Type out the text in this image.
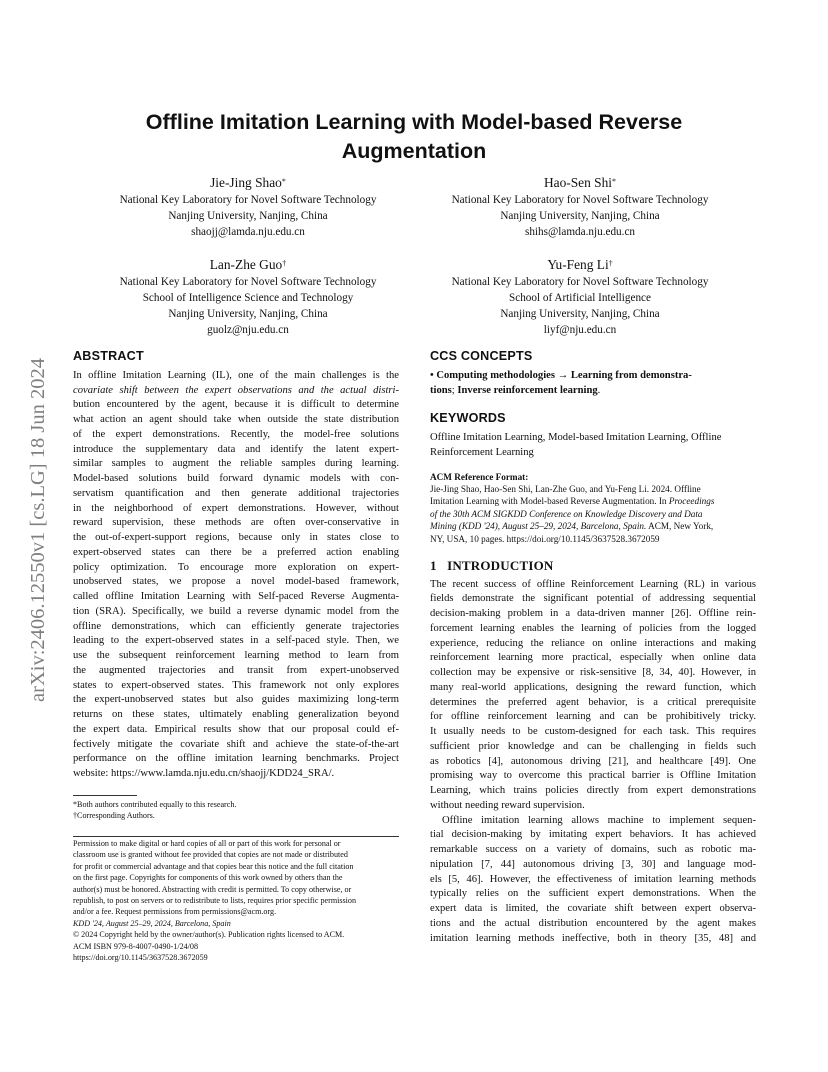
Offline Imitation Learning with Model-based Reverse
Augmentation
arXiv:2406.12550v1 [cs.LG] 18 Jun 2024
Jie-Jing Shao*
National Key Laboratory for Novel Software Technology
Nanjing University, Nanjing, China
shaojj@lamda.nju.edu.cn
Hao-Sen Shi*
National Key Laboratory for Novel Software Technology
Nanjing University, Nanjing, China
shihs@lamda.nju.edu.cn
Lan-Zhe Guo†
National Key Laboratory for Novel Software Technology
School of Intelligence Science and Technology
Nanjing University, Nanjing, China
guolz@nju.edu.cn
Yu-Feng Li†
National Key Laboratory for Novel Software Technology
School of Artificial Intelligence
Nanjing University, Nanjing, China
liyf@nju.edu.cn
ABSTRACT
In offline Imitation Learning (IL), one of the main challenges is the
covariate shift between the expert observations and the actual distri-
bution encountered by the agent, because it is difficult to determine
what action an agent should take when outside the state distribution
of the expert demonstrations. Recently, the model-free solutions
introduce the supplementary data and identify the latent expert-
similar samples to augment the reliable samples during learning.
Model-based solutions build forward dynamic models with con-
servatism quantification and then generate additional trajectories
in the neighborhood of expert demonstrations. However, without
reward supervision, these methods are often over-conservative in
the out-of-expert-support regions, because only in states close to
expert-observed states can there be a preferred action enabling
policy optimization. To encourage more exploration on expert-
unobserved states, we propose a novel model-based framework,
called offline Imitation Learning with Self-paced Reverse Augmenta-
tion (SRA). Specifically, we build a reverse dynamic model from the
offline demonstrations, which can efficiently generate trajectories
leading to the expert-observed states in a self-paced style. Then, we
use the subsequent reinforcement learning method to learn from
the augmented trajectories and transit from expert-unobserved
states to expert-observed states. This framework not only explores
the expert-unobserved states but also guides maximizing long-term
returns on these states, ultimately enabling generalization beyond
the expert data. Empirical results show that our proposal could ef-
fectively mitigate the covariate shift and achieve the state-of-the-art
performance on the offline imitation learning benchmarks. Project
website: https://www.lamda.nju.edu.cn/shaojj/KDD24_SRA/.
*Both authors contributed equally to this research.
†Corresponding Authors.
Permission to make digital or hard copies of all or part of this work for personal or
classroom use is granted without fee provided that copies are not made or distributed
for profit or commercial advantage and that copies bear this notice and the full citation
on the first page. Copyrights for components of this work owned by others than the
author(s) must be honored. Abstracting with credit is permitted. To copy otherwise, or
republish, to post on servers or to redistribute to lists, requires prior specific permission
and/or a fee. Request permissions from permissions@acm.org.
KDD '24, August 25–29, 2024, Barcelona, Spain
© 2024 Copyright held by the owner/author(s). Publication rights licensed to ACM.
ACM ISBN 979-8-4007-0490-1/24/08
https://doi.org/10.1145/3637528.3672059
CCS CONCEPTS
• Computing methodologies → Learning from demonstra-
tions; Inverse reinforcement learning.
KEYWORDS
Offline Imitation Learning, Model-based Imitation Learning, Offline
Reinforcement Learning
ACM Reference Format:
Jie-Jing Shao, Hao-Sen Shi, Lan-Zhe Guo, and Yu-Feng Li. 2024. Offline
Imitation Learning with Model-based Reverse Augmentation. In Proceedings
of the 30th ACM SIGKDD Conference on Knowledge Discovery and Data
Mining (KDD '24), August 25–29, 2024, Barcelona, Spain. ACM, New York,
NY, USA, 10 pages. https://doi.org/10.1145/3637528.3672059
1 INTRODUCTION
The recent success of offline Reinforcement Learning (RL) in various
fields demonstrate the significant potential of addressing sequential
decision-making problem in a data-driven manner [26]. Offline rein-
forcement learning enables the learning of policies from the logged
experience, reducing the reliance on online interactions and making
reinforcement learning more practical, especially when online data
collection may be expensive or risk-sensitive [8, 34, 40]. However, in
many real-world applications, designing the reward function, which
determines the preferred agent behavior, is a critical prerequisite
for offline reinforcement learning and can be prohibitively tricky.
It usually needs to be custom-designed for each task. This requires
sufficient prior knowledge and can be challenging in fields such
as robotics [4], autonomous driving [21], and healthcare [49]. One
promising way to overcome this practical barrier is Offline Imitation
Learning, which trains policies directly from expert demonstrations
without needing reward supervision.
Offline imitation learning allows machine to implement sequen-
tial decision-making by imitating expert behaviors. It has achieved
remarkable success on a variety of domains, such as robotic ma-
nipulation [7, 44] autonomous driving [3, 30] and language mod-
els [5, 46]. However, the effectiveness of imitation learning methods
typically relies on the sufficient expert demonstrations. When the
expert data is limited, the covariate shift between expert observa-
tions and the actual distribution encountered by the agent makes
imitation learning methods ineffective, both in theory [35, 48] and
